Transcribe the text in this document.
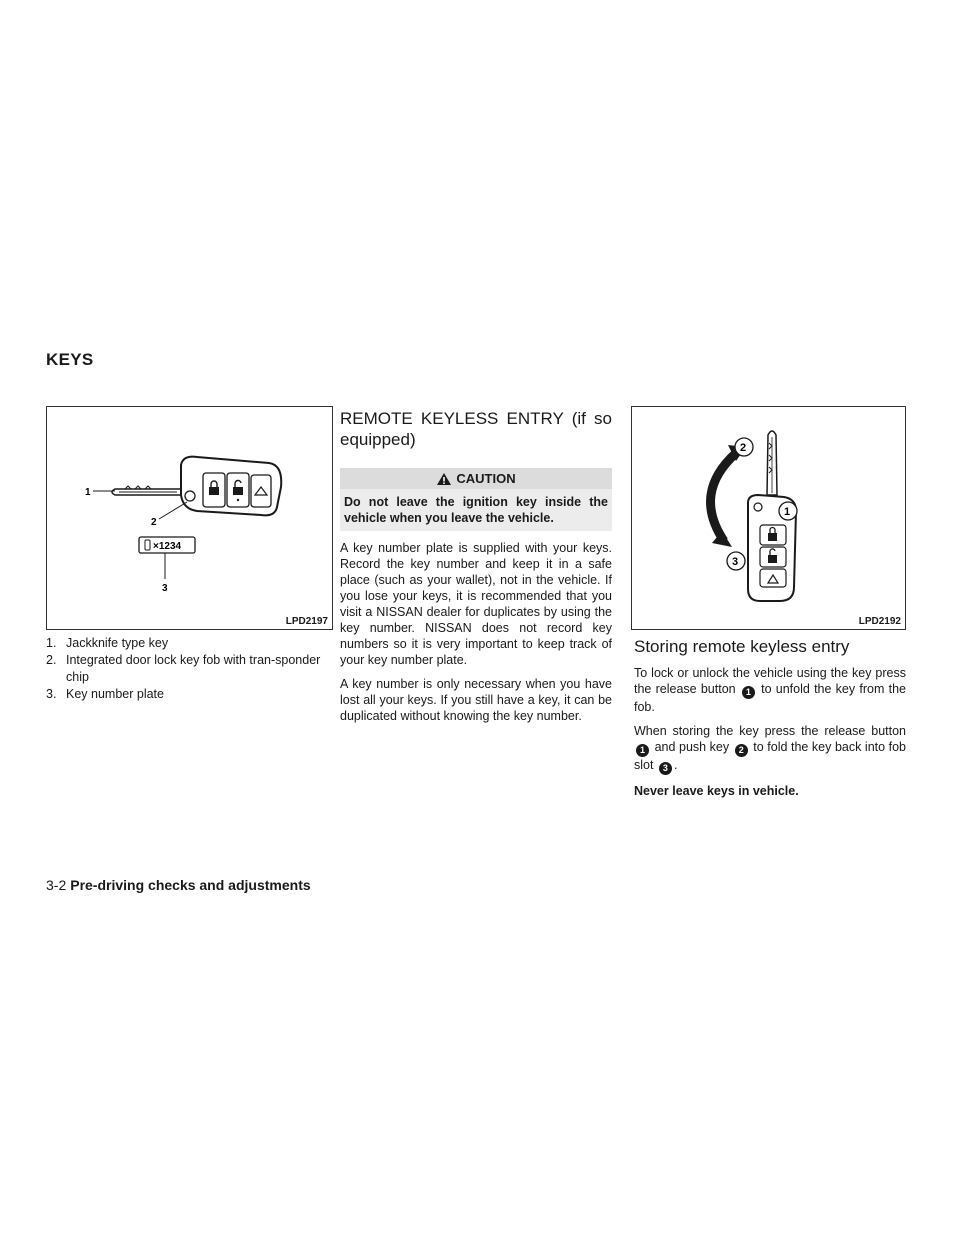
KEYS
1
2
3
×1234
LPD2197
1. Jackknife type key
2. Integrated door lock key fob with tran-sponder chip
3. Key number plate
REMOTE KEYLESS ENTRY (if so equipped)
CAUTION
Do not leave the ignition key inside the vehicle when you leave the vehicle.

A key number plate is supplied with your keys. Record the key number and keep it in a safe place (such as your wallet), not in the vehicle. If you lose your keys, it is recommended that you visit a NISSAN dealer for duplicates by using the key number. NISSAN does not record key numbers so it is very important to keep track of your key number plate.

A key number is only necessary when you have lost all your keys. If you still have a key, it can be duplicated without knowing the key number.

2
1
3
LPD2192
Storing remote keyless entry

To lock or unlock the vehicle using the key press the release button 1 to unfold the key from the fob.

When storing the key press the release button 1 and push key 2 to fold the key back into fob slot 3 .

Never leave keys in vehicle.

3-2 Pre-driving checks and adjustments
